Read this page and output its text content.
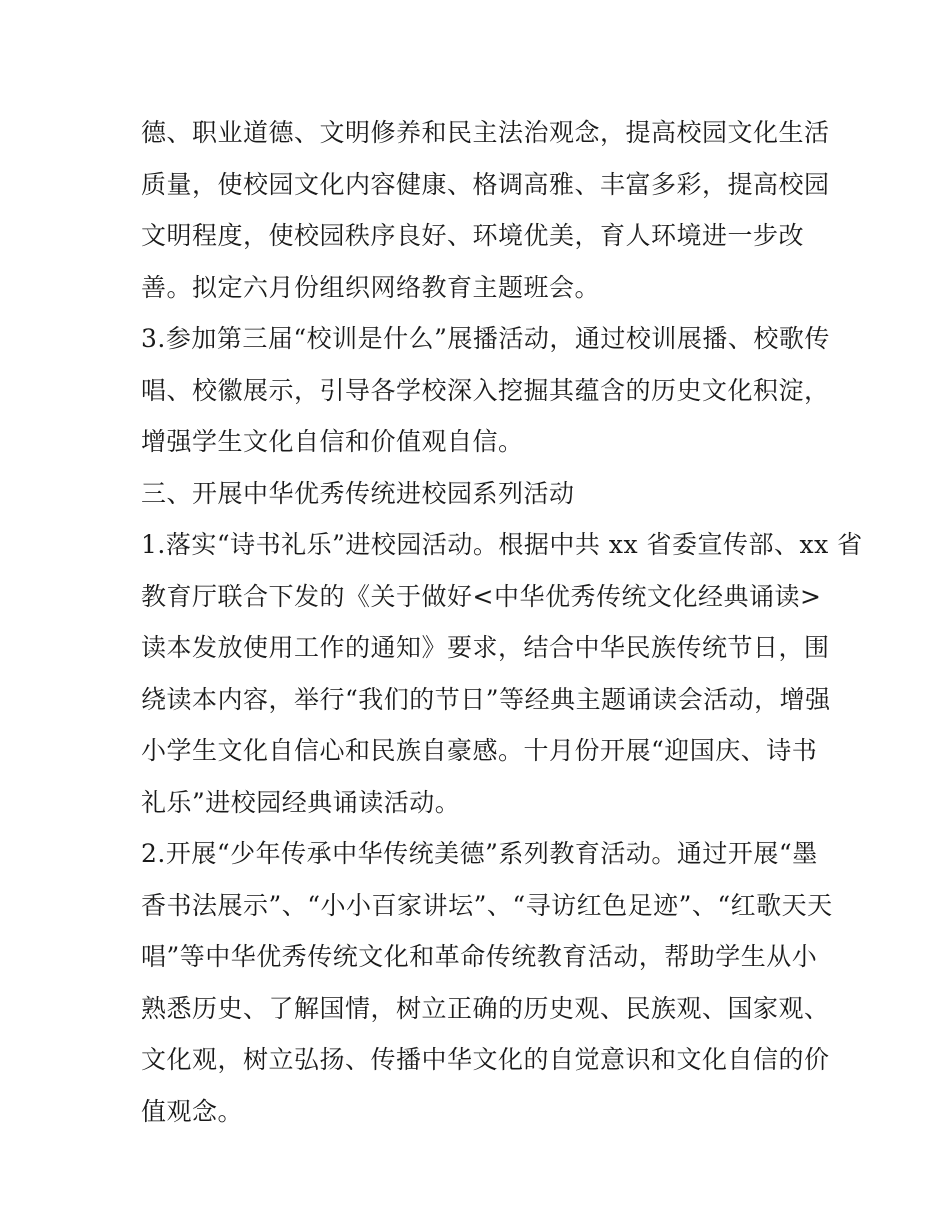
德、职业道德、文明修养和民主法治观念，提高校园文化生活
质量，使校园文化内容健康、格调高雅、丰富多彩，提高校园
文明程度，使校园秩序良好、环境优美，育人环境进一步改
善。拟定六月份组织网络教育主题班会。
3.参加第三届“校训是什么”展播活动，通过校训展播、校歌传
唱、校徽展示，引导各学校深入挖掘其蕴含的历史文化积淀，
增强学生文化自信和价值观自信。
三、开展中华优秀传统进校园系列活动
1.落实“诗书礼乐”进校园活动。根据中共 xx 省委宣传部、xx 省
教育厅联合下发的《关于做好<中华优秀传统文化经典诵读>
读本发放使用工作的通知》要求，结合中华民族传统节日，围
绕读本内容，举行“我们的节日”等经典主题诵读会活动，增强
小学生文化自信心和民族自豪感。十月份开展“迎国庆、诗书
礼乐”进校园经典诵读活动。
2.开展“少年传承中华传统美德”系列教育活动。通过开展“墨
香书法展示”、“小小百家讲坛”、“寻访红色足迹”、“红歌天天
唱”等中华优秀传统文化和革命传统教育活动，帮助学生从小
熟悉历史、了解国情，树立正确的历史观、民族观、国家观、
文化观，树立弘扬、传播中华文化的自觉意识和文化自信的价
值观念。
